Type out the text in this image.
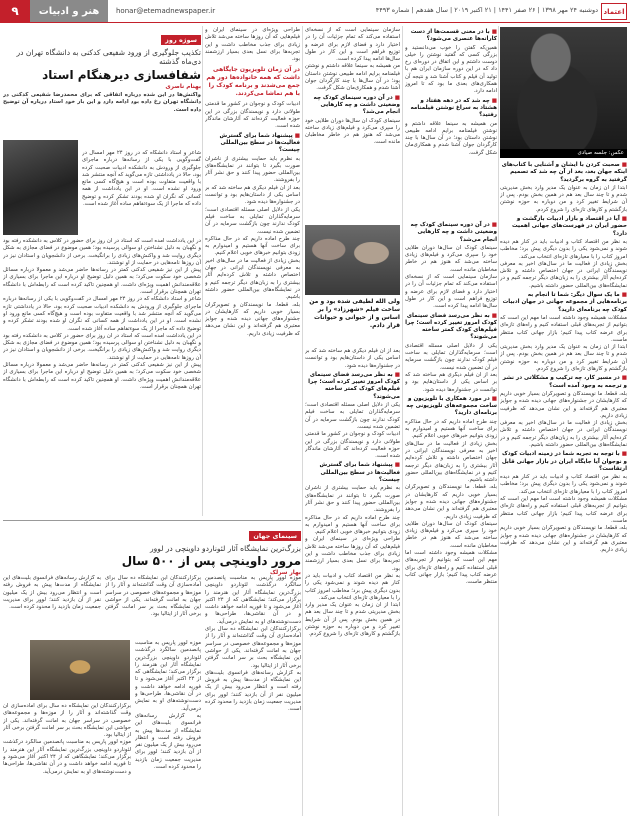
۹	هنر و ادبیات	honar@etemadnewspaper.ir	دوشنبه ۲۴ مهر ۱۳۹۸ | ۲۶ صفر ۱۴۴۱ | ۲۱ اکتبر ۲۰۱۹ | سال هفدهم | شماره ۴۴۹۳ اعتماد

■ صحبت کردن با ایشان و آشنایی با کتاب‌های اینکه جهان بعد، بعد از آن چه شد که تصمیم گرفتید به گروه برگردید؟

ابتدا از آن زمان به عنوان یک مدیر وارد بخش مدیریتی شدم و تا چند سال بعد هم در همین بخش بودم. پس از آن شرایط تغییر کرد و من دوباره به حوزه نوشتن بازگشتم و کارهای تازه‌ای را شروع کردم.

■ آیا در اقتصاد و بازار ادبیات بازگشت و حضور ایران در فهرست‌های جهانی اهمیت دارد؟

به نظر من اقتصاد کتاب و ادبیات باید در کنار هم دیده شوند و نمی‌شود یکی را بدون دیگری پیش برد؛ مخاطب امروز کتاب را با معیارهای تازه‌ای انتخاب می‌کند.

بخش زیادی از فعالیت ما در سال‌های اخیر به معرفی نویسندگان ایرانی در جهان اختصاص داشته و تلاش کرده‌ایم آثار بیشتری را به زبان‌های دیگر ترجمه کنیم و در نمایشگاه‌های بین‌المللی حضور داشته باشیم.

■ ما یک سوال دیگر: شما تا انجام به برنامه‌هایی از مجموعه جهانی در جهان ادبیات کودک چه برنامه‌ای دارید؟

مشکلات همیشه وجود داشته است اما مهم این است که بتوانیم از تجربه‌های قبلی استفاده کنیم و راه‌های تازه‌ای برای عرضه کتاب پیدا کنیم؛ بازار جهانی کتاب منتظر ماست.

ابتدا از آن زمان به عنوان یک مدیر وارد بخش مدیریتی شدم و تا چند سال بعد هم در همین بخش بودم. پس از آن شرایط تغییر کرد و من دوباره به حوزه نوشتن بازگشتم و کارهای تازه‌ای را شروع کردم.

■ در مسیر کار، چه ترکیب و مشکلاتی در نشر و ترجمه به وجود آمده است؟

بله، قطعاً. ما نویسندگان و تصویرگران بسیار خوبی داریم که کارهایشان در جشنواره‌های جهانی دیده شده و جوایز معتبری هم گرفته‌اند و این نشان می‌دهد که ظرفیت زیادی داریم.

بخش زیادی از فعالیت ما در سال‌های اخیر به معرفی نویسندگان ایرانی در جهان اختصاص داشته و تلاش کرده‌ایم آثار بیشتری را به زبان‌های دیگر ترجمه کنیم و در نمایشگاه‌های بین‌المللی حضور داشته باشیم.

■ با توجه به تجربه شما در زمینه ادبیات کودک و نوجوان آیا جایگاه ایران در بازار جهانی قابل ارتقاست؟

به نظر من اقتصاد کتاب و ادبیات باید در کنار هم دیده شوند و نمی‌شود یکی را بدون دیگری پیش برد؛ مخاطب امروز کتاب را با معیارهای تازه‌ای انتخاب می‌کند.

مشکلات همیشه وجود داشته است اما مهم این است که بتوانیم از تجربه‌های قبلی استفاده کنیم و راه‌های تازه‌ای برای عرضه کتاب پیدا کنیم؛ بازار جهانی کتاب منتظر ماست.

بله، قطعاً. ما نویسندگان و تصویرگران بسیار خوبی داریم که کارهایشان در جشنواره‌های جهانی دیده شده و جوایز معتبری هم گرفته‌اند و این نشان می‌دهد که ظرفیت زیادی داریم.

■ با در معنی قسمت‌ها از دست کارانه‌ها عنصری می‌شود؟

همین‌که گفتن را خوب می‌دانستید و بزرگی کسی که گفتید نوشتن را خیلی دوست داشتم و این اتفاق در دوره‌ای رخ داد که در این دوره سازمان ایران هم با تولید آن فیلم و کتاب آشنا شد و نتیجه آن همکاری‌های بعدی ما بود که تا امروز ادامه دارد.

■ چه شد که در دهه هفتاد و هشتاد به سراغ نوشتن فیلمنامه رفتید؟

من همیشه به سینما علاقه داشتم و نوشتن فیلمنامه برایم ادامه طبیعی نوشتن داستان بود؛ در آن سال‌ها با چند کارگردان جوان آشنا شدم و همکاری‌مان شکل گرفت.	عکس: جلسه صیادی
■ در آن دوره سینمای کودک چه وضعیتی داشت و چه کارهایی انجام می‌شد؟

سینمای کودک آن سال‌ها دوران طلایی خود را سپری می‌کرد و فیلم‌های زیادی ساخته می‌شد که هنوز هم در خاطر مخاطبان مانده است.

سازمان سینمایی است که از نسخه‌ای استفاده می‌کند که تمام جزئیات آن را در اختیار دارد و فضای لازم برای عرضه و توزیع فراهم است و این کار در طول سال‌ها ادامه پیدا کرده است.

■ به نظر می‌رسد فضای سینمای کودک امروز تغییر کرده است؛ چرا فیلم‌های کودک کمتر ساخته می‌شوند؟

یکی از دلایل اصلی مسئله اقتصادی است؛ سرمایه‌گذاران تمایلی به ساخت فیلم کودک ندارند چون بازگشت سرمایه در آن تضمین شده نیست.

بعد از آن فیلم دیگری هم ساخته شد که بر اساس یکی از داستان‌هایم بود و توانست در جشنواره‌ها دیده شود.

■ در مورد همکاری با تلویزیون و ساخت مجموعه‌های تلویزیونی چه برنامه‌ای دارید؟

چند طرح آماده داریم که در حال مذاکره برای ساخت آنها هستیم و امیدوارم به زودی بتوانیم خبرهای خوبی اعلام کنیم.

بخش زیادی از فعالیت ما در سال‌های اخیر به معرفی نویسندگان ایرانی در جهان اختصاص داشته و تلاش کرده‌ایم آثار بیشتری را به زبان‌های دیگر ترجمه کنیم و در نمایشگاه‌های بین‌المللی حضور داشته باشیم.

بله، قطعاً. ما نویسندگان و تصویرگران بسیار خوبی داریم که کارهایشان در جشنواره‌های جهانی دیده شده و جوایز معتبری هم گرفته‌اند و این نشان می‌دهد که ظرفیت زیادی داریم.

سینمای کودک آن سال‌ها دوران طلایی خود را سپری می‌کرد و فیلم‌های زیادی ساخته می‌شد که هنوز هم در خاطر مخاطبان مانده است.

مشکلات همیشه وجود داشته است اما مهم این است که بتوانیم از تجربه‌های قبلی استفاده کنیم و راه‌های تازه‌ای برای عرضه کتاب پیدا کنیم؛ بازار جهانی کتاب منتظر ماست.

سازمان سینمایی است که از نسخه‌ای استفاده می‌کند که تمام جزئیات آن را در اختیار دارد و فضای لازم برای عرضه و توزیع فراهم است و این کار در طول سال‌ها ادامه پیدا کرده است.

من همیشه به سینما علاقه داشتم و نوشتن فیلمنامه برایم ادامه طبیعی نوشتن داستان بود؛ در آن سال‌ها با چند کارگردان جوان آشنا شدم و همکاری‌مان شکل گرفت.

■ در آن دوره سینمای کودک چه وضعیتی داشت و چه کارهایی انجام می‌شد؟

سینمای کودک آن سال‌ها دوران طلایی خود را سپری می‌کرد و فیلم‌های زیادی ساخته می‌شد که هنوز هم در خاطر مخاطبان مانده است.

ولی الله لطیفی شده بود و من ساخت فیلم «شهرزاد» را بر اساس و از حیوانی و حیوانات قرار دادم.

بعد از آن فیلم دیگری هم ساخته شد که بر اساس یکی از داستان‌هایم بود و توانست در جشنواره‌ها دیده شود.

■ به نظر می‌رسد فضای سینمای کودک امروز تغییر کرده است؛ چرا فیلم‌های کودک کمتر ساخته می‌شوند؟

یکی از دلایل اصلی مسئله اقتصادی است؛ سرمایه‌گذاران تمایلی به ساخت فیلم کودک ندارند چون بازگشت سرمایه در آن تضمین شده نیست.

ادبیات کودک و نوجوان در کشور ما قدمتی طولانی دارد و نویسندگان بزرگی در این حوزه فعالیت کرده‌اند که آثارشان ماندگار شده است.

■ پیشنهاد شما برای گسترش فعالیت‌ها در سطح بین‌المللی چیست؟

به نظرم باید حمایت بیشتری از ناشران صورت بگیرد تا بتوانند در نمایشگاه‌های بین‌المللی حضور پیدا کنند و حق نشر آثار را بفروشند.

چند طرح آماده داریم که در حال مذاکره برای ساخت آنها هستیم و امیدوارم به زودی بتوانیم خبرهای خوبی اعلام کنیم.

طراحی ویژه‌ای در سینمای ایران و فیلم‌هایی که آن روزها ساخته می‌شد تلاش زیادی برای جذب مخاطب داشت و این تجربه‌ها برای نسل بعدی بسیار ارزشمند بود.

به نظر من اقتصاد کتاب و ادبیات باید در کنار هم دیده شوند و نمی‌شود یکی را بدون دیگری پیش برد؛ مخاطب امروز کتاب را با معیارهای تازه‌ای انتخاب می‌کند.

ابتدا از آن زمان به عنوان یک مدیر وارد بخش مدیریتی شدم و تا چند سال بعد هم در همین بخش بودم. پس از آن شرایط تغییر کرد و من دوباره به حوزه نوشتن بازگشتم و کارهای تازه‌ای را شروع کردم.

طراحی ویژه‌ای در سینمای ایران و فیلم‌هایی که آن روزها ساخته می‌شد تلاش زیادی برای جذب مخاطب داشت و این تجربه‌ها برای نسل بعدی بسیار ارزشمند بود.

در آن زمان تلویزیون جایگاهی داشت که همه خانواده‌ها دور هم جمع می‌شدند و برنامه کودک را با هم تماشا می‌کردند.

ادبیات کودک و نوجوان در کشور ما قدمتی طولانی دارد و نویسندگان بزرگی در این حوزه فعالیت کرده‌اند که آثارشان ماندگار شده است.

■ پیشنهاد شما برای گسترش فعالیت‌ها در سطح بین‌المللی چیست؟

به نظرم باید حمایت بیشتری از ناشران صورت بگیرد تا بتوانند در نمایشگاه‌های بین‌المللی حضور پیدا کنند و حق نشر آثار را بفروشند.

بعد از آن فیلم دیگری هم ساخته شد که بر اساس یکی از داستان‌هایم بود و توانست در جشنواره‌ها دیده شود.

یکی از دلایل اصلی مسئله اقتصادی است؛ سرمایه‌گذاران تمایلی به ساخت فیلم کودک ندارند چون بازگشت سرمایه در آن تضمین شده نیست.

چند طرح آماده داریم که در حال مذاکره برای ساخت آنها هستیم و امیدوارم به زودی بتوانیم خبرهای خوبی اعلام کنیم.

بخش زیادی از فعالیت ما در سال‌های اخیر به معرفی نویسندگان ایرانی در جهان اختصاص داشته و تلاش کرده‌ایم آثار بیشتری را به زبان‌های دیگر ترجمه کنیم و در نمایشگاه‌های بین‌المللی حضور داشته باشیم.

بله، قطعاً. ما نویسندگان و تصویرگران بسیار خوبی داریم که کارهایشان در جشنواره‌های جهانی دیده شده و جوایز معتبری هم گرفته‌اند و این نشان می‌دهد که ظرفیت زیادی داریم.

سوژه روز
تکذیب جلوگیری از ورود شفیعی کدکنی به دانشگاه تهران در دی‌ماه گذشته
شفافسازی دیرهنگام استاد
بهنام ناصری

واکنش‌ها در این شده درباره اتفاقی که برای محمدرضا شفیعی کدکنی در دانشگاه تهران رخ داده بود ادامه دارد و این بار خود استاد درباره آن توضیح داده است.

شاعر و استاد دانشگاه که در روز ۲۴ مهر امسال در گفت‌وگویی با یکی از رسانه‌ها درباره ماجرای جلوگیری از ورودش به دانشکده ادبیات صحبت کرده بود، حالا در یادداشتی تازه می‌گوید که آنچه منتشر شد با واقعیت متفاوت بوده است و هیچ‌گاه کسی مانع ورود او نشده است. او در این یادداشت از همه کسانی که نگران او شده بودند تشکر کرده و توضیح داده که ماجرا از یک سوءتفاهم ساده آغاز شده است.

در این یادداشت آمده است که استاد در آن روز برای حضور در کلاس به دانشکده رفته بود و نگهبان به دلیل نشناختن او سوالی پرسیده بود؛ همین موضوع در فضای مجازی به شکل دیگری روایت شد و واکنش‌های زیادی را برانگیخت. برخی از دانشجویان و استادان نیز در آن روزها نامه‌هایی در حمایت از او نوشتند.

پیش از این نیز شفیعی کدکنی کمتر در رسانه‌ها حاضر می‌شد و معمولا درباره مسائل شخصی خود سکوت می‌کرد؛ به همین دلیل توضیح او درباره این ماجرا برای بسیاری از علاقه‌مندانش اهمیت ویژه‌ای داشت. او همچنین تاکید کرده است که رابطه‌اش با دانشگاه تهران همچنان برقرار است.

شاعر و استاد دانشگاه که در روز ۲۴ مهر امسال در گفت‌وگویی با یکی از رسانه‌ها درباره ماجرای جلوگیری از ورودش به دانشکده ادبیات صحبت کرده بود، حالا در یادداشتی تازه می‌گوید که آنچه منتشر شد با واقعیت متفاوت بوده است و هیچ‌گاه کسی مانع ورود او نشده است. او در این یادداشت از همه کسانی که نگران او شده بودند تشکر کرده و توضیح داده که ماجرا از یک سوءتفاهم ساده آغاز شده است.

در این یادداشت آمده است که استاد در آن روز برای حضور در کلاس به دانشکده رفته بود و نگهبان به دلیل نشناختن او سوالی پرسیده بود؛ همین موضوع در فضای مجازی به شکل دیگری روایت شد و واکنش‌های زیادی را برانگیخت. برخی از دانشجویان و استادان نیز در آن روزها نامه‌هایی در حمایت از او نوشتند.

پیش از این نیز شفیعی کدکنی کمتر در رسانه‌ها حاضر می‌شد و معمولا درباره مسائل شخصی خود سکوت می‌کرد؛ به همین دلیل توضیح او درباره این ماجرا برای بسیاری از علاقه‌مندانش اهمیت ویژه‌ای داشت. او همچنین تاکید کرده است که رابطه‌اش با دانشگاه تهران همچنان برقرار است.

سینمای جهان
بزرگ‌ترین نمایشگاه آثار لئوناردو داوینچی در لوور
مرور داوینچی پس از ۵۰۰ سال
بهار سرلک

موزه لوور پاریس به مناسبت پانصدمین سالگرد درگذشت لئوناردو داوینچی بزرگ‌ترین نمایشگاه آثار این هنرمند را برگزار می‌کند؛ نمایشگاهی که از ۲۴ اکتبر آغاز می‌شود و تا فوریه ادامه خواهد داشت و در آن نقاشی‌ها، طراحی‌ها و دست‌نوشته‌های او به نمایش درمی‌آید.

برگزارکنندگان این نمایشگاه ده سال برای آماده‌سازی آن وقت گذاشته‌اند و آثار را از موزه‌ها و مجموعه‌های خصوصی در سراسر جهان به امانت گرفته‌اند. یکی از حواشی این نمایشگاه بحث بر سر امانت گرفتن برخی آثار از ایتالیا بود.

به گزارش رسانه‌های فرانسوی بلیت‌های این نمایشگاه از مدت‌ها پیش به فروش رفته است و انتظار می‌رود بیش از یک میلیون نفر از آن بازدید کنند؛ لوور برای مدیریت جمعیت زمان بازدید را محدود کرده است.

برگزارکنندگان این نمایشگاه ده سال برای آماده‌سازی آن وقت گذاشته‌اند و آثار را از موزه‌ها و مجموعه‌های خصوصی در سراسر جهان به امانت گرفته‌اند. یکی از حواشی این نمایشگاه بحث بر سر امانت گرفتن برخی آثار از ایتالیا بود.

به گزارش رسانه‌های فرانسوی بلیت‌های این نمایشگاه از مدت‌ها پیش به فروش رفته است و انتظار می‌رود بیش از یک میلیون نفر از آن بازدید کنند؛ لوور برای مدیریت جمعیت زمان بازدید را محدود کرده است.

موزه لوور پاریس به مناسبت پانصدمین سالگرد درگذشت لئوناردو داوینچی بزرگ‌ترین نمایشگاه آثار این هنرمند را برگزار می‌کند؛ نمایشگاهی که از ۲۴ اکتبر آغاز می‌شود و تا فوریه ادامه خواهد داشت و در آن نقاشی‌ها، طراحی‌ها و دست‌نوشته‌های او به نمایش درمی‌آید.

به گزارش رسانه‌های فرانسوی بلیت‌های این نمایشگاه از مدت‌ها پیش به فروش رفته است و انتظار می‌رود بیش از یک میلیون نفر از آن بازدید کنند؛ لوور برای مدیریت جمعیت زمان بازدید را محدود کرده است.

برگزارکنندگان این نمایشگاه ده سال برای آماده‌سازی آن وقت گذاشته‌اند و آثار را از موزه‌ها و مجموعه‌های خصوصی در سراسر جهان به امانت گرفته‌اند. یکی از حواشی این نمایشگاه بحث بر سر امانت گرفتن برخی آثار از ایتالیا بود.

موزه لوور پاریس به مناسبت پانصدمین سالگرد درگذشت لئوناردو داوینچی بزرگ‌ترین نمایشگاه آثار این هنرمند را برگزار می‌کند؛ نمایشگاهی که از ۲۴ اکتبر آغاز می‌شود و تا فوریه ادامه خواهد داشت و در آن نقاشی‌ها، طراحی‌ها و دست‌نوشته‌های او به نمایش درمی‌آید.
